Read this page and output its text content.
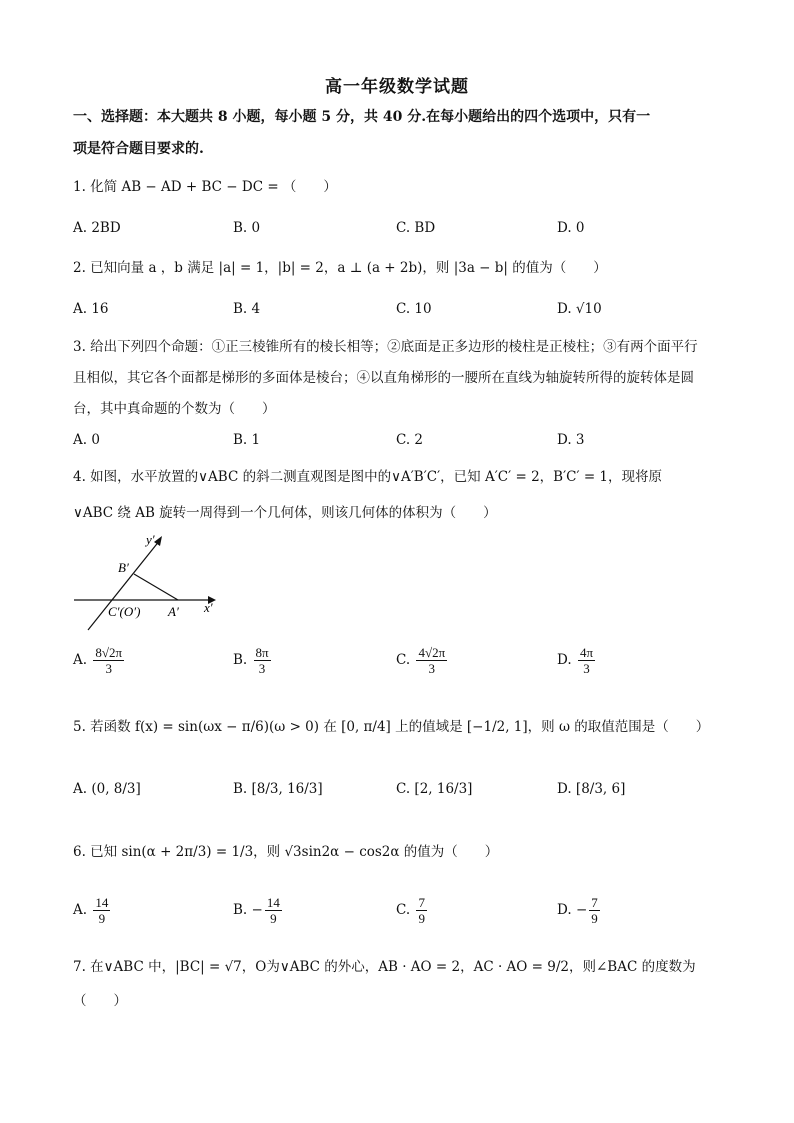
高一年级数学试题
一、选择题：本大题共 8 小题，每小题 5 分，共 40 分.在每小题给出的四个选项中，只有一
项是符合题目要求的.
1. 化简 AB − AD + BC − DC = （　　）
A. 2BD	B. 0	C. BD	D. 0
2. 已知向量 a ，b 满足 |a| = 1，|b| = 2，a ⊥ (a + 2b)，则 |3a − b| 的值为（　　）
A. 16	B. 4	C. 10	D. √10
3. 给出下列四个命题：①正三棱锥所有的棱长相等；②底面是正多边形的棱柱是正棱柱；③有两个面平行
且相似，其它各个面都是梯形的多面体是棱台；④以直角梯形的一腰所在直线为轴旋转所得的旋转体是圆
台，其中真命题的个数为（　　）
A. 0	B. 1	C. 2	D. 3
4. 如图，水平放置的∨ABC 的斜二测直观图是图中的∨A′B′C′，已知 A′C′ = 2，B′C′ = 1，现将原
∨ABC 绕 AB 旋转一周得到一个几何体，则该几何体的体积为（　　）
y′
x′
B′
C′(O′) A′
A. $\frac{8√2\pi}{3}$	B. $\frac{8\pi}{3}$	C. $\frac{4√2\pi}{3}$	D. $\frac{4\pi}{3}$
5. 若函数 f(x) = sin(ωx − π/6)(ω > 0) 在 [0, π/4] 上的值域是 [−1/2, 1]，则 ω 的取值范围是（　　）
A. (0, 8/3]	B. [8/3, 16/3]	C. [2, 16/3]	D. [8/3, 6]
6. 已知 sin(α + 2π/3) = 1/3，则 √3sin2α − cos2α 的值为（　　）
A. $\frac{14}{9}$	B. − $\frac{14}{9}$	C. $\frac{7}{9}$	D. − $\frac{7}{9}$
7. 在∨ABC 中，|BC| = √7，O为∨ABC 的外心，AB · AO = 2，AC · AO = 9/2，则∠BAC 的度数为
（　　）
